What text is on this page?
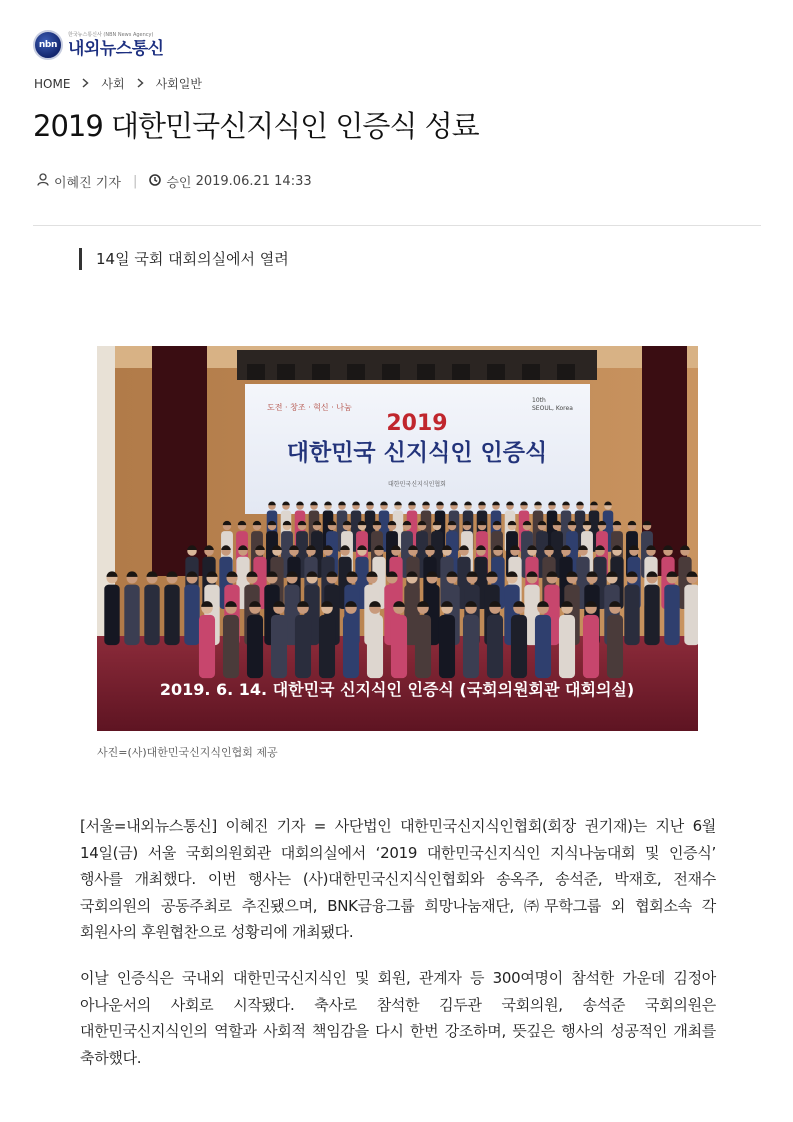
nbn
한국뉴스통신사 (NBN News Agency)
내외뉴스통신
HOME	사회	사회일반
2019 대한민국신지식인 인증식 성료
이혜진 기자 | 승인
2019.06.21 14:33
14일 국회 대회의실에서 열려
도전 · 창조 · 혁신 · 나눔
10th
SEOUL, Korea
2019
대한민국 신지식인 인증식
대한민국신지식인협회
2019. 6. 14. 대한민국 신지식인 인증식 (국회의원회관 대회의실)
사진=(사)대한민국신지식인협회 제공

[서울=내외뉴스통신] 이혜진 기자 = 사단법인 대한민국신지식인협회(회장 권기재)는 지난 6월 14일(금) 서울 국회의원회관 대회의실에서 ‘2019 대한민국신지식인 지식나눔대회 및 인증식’ 행사를 개최했다. 이번 행사는 (사)대한민국신지식인협회와 송옥주, 송석준, 박재호, 전재수 국회의원의 공동주최로 추진됐으며, BNK금융그룹 희망나눔재단, ㈜무학그룹 외 협회소속 각 회원사의 후원협찬으로 성황리에 개최됐다.

이날 인증식은 국내외 대한민국신지식인 및 회원, 관계자 등 300여명이 참석한 가운데 김정아 아나운서의 사회로 시작됐다. 축사로 참석한 김두관 국회의원, 송석준 국회의원은 대한민국신지식인의 역할과 사회적 책임감을 다시 한번 강조하며, 뜻깊은 행사의 성공적인 개최를 축하했다.
